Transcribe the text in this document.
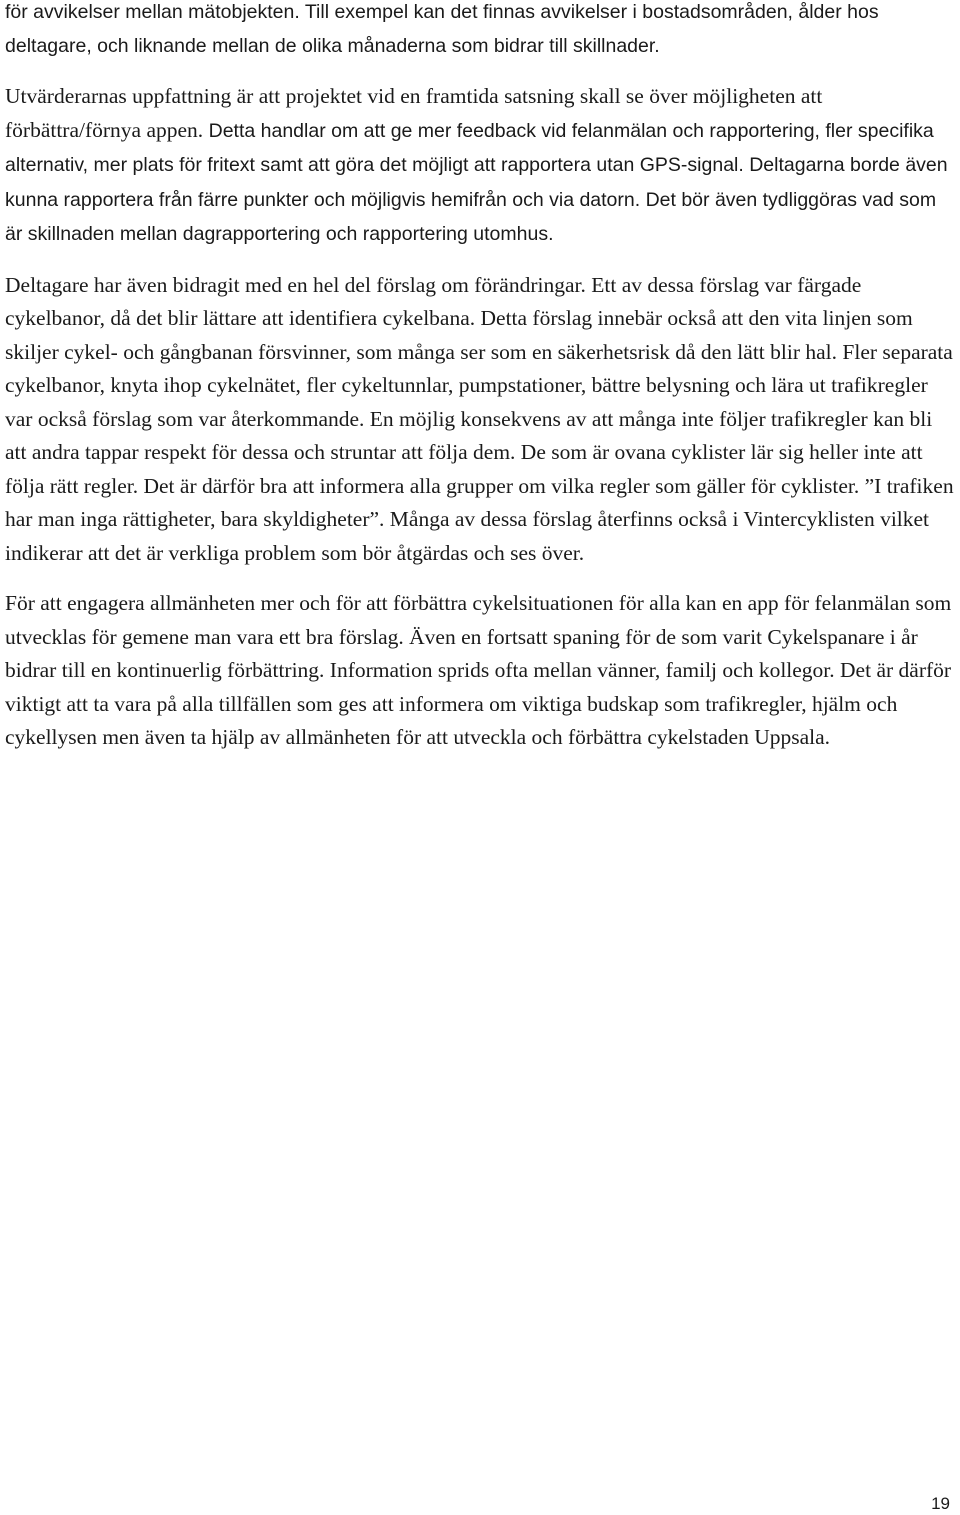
för avvikelser mellan mätobjekten. Till exempel kan det finnas avvikelser i bostadsområden, ålder hos deltagare, och liknande mellan de olika månaderna som bidrar till skillnader.

Utvärderarnas uppfattning är att projektet vid en framtida satsning skall se över möjligheten att förbättra/förnya appen. Detta handlar om att ge mer feedback vid felanmälan och rapportering, fler specifika alternativ, mer plats för fritext samt att göra det möjligt att rapportera utan GPS-signal. Deltagarna borde även kunna rapportera från färre punkter och möjligvis hemifrån och via datorn. Det bör även tydliggöras vad som är skillnaden mellan dagrapportering och rapportering utomhus.

Deltagare har även bidragit med en hel del förslag om förändringar. Ett av dessa förslag var färgade cykelbanor, då det blir lättare att identifiera cykelbana. Detta förslag innebär också att den vita linjen som skiljer cykel- och gångbanan försvinner, som många ser som en säkerhetsrisk då den lätt blir hal. Fler separata cykelbanor, knyta ihop cykelnätet, fler cykeltunnlar, pumpstationer, bättre belysning och lära ut trafikregler var också förslag som var återkommande. En möjlig konsekvens av att många inte följer trafikregler kan bli att andra tappar respekt för dessa och struntar att följa dem. De som är ovana cyklister lär sig heller inte att följa rätt regler. Det är därför bra att informera alla grupper om vilka regler som gäller för cyklister. ”I trafiken har man inga rättigheter, bara skyldigheter”. Många av dessa förslag återfinns också i Vintercyklisten vilket indikerar att det är verkliga problem som bör åtgärdas och ses över.

För att engagera allmänheten mer och för att förbättra cykelsituationen för alla kan en app för felanmälan som utvecklas för gemene man vara ett bra förslag. Även en fortsatt spaning för de som varit Cykelspanare i år bidrar till en kontinuerlig förbättring. Information sprids ofta mellan vänner, familj och kollegor. Det är därför viktigt att ta vara på alla tillfällen som ges att informera om viktiga budskap som trafikregler, hjälm och cykellysen men även ta hjälp av allmänheten för att utveckla och förbättra cykelstaden Uppsala.

19
